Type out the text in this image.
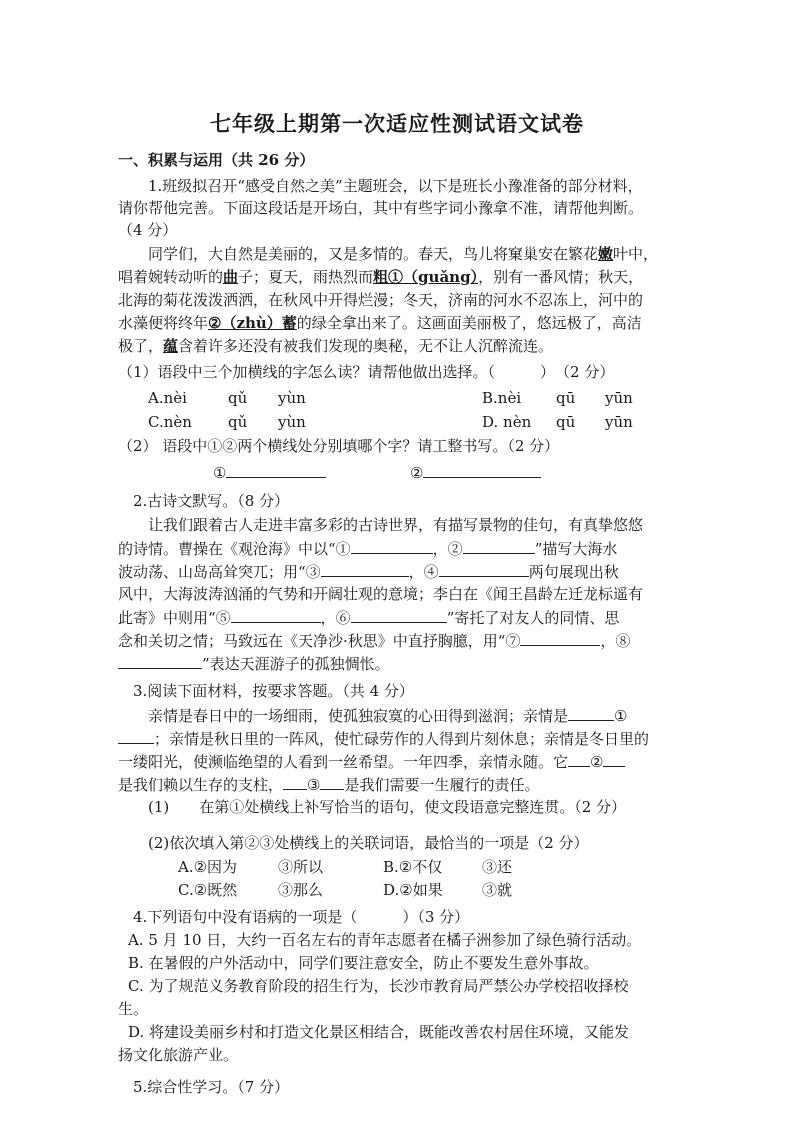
七年级上期第一次适应性测试语文试卷
一、积累与运用（共 26 分）
1.班级拟召开“感受自然之美”主题班会，以下是班长小豫准备的部分材料，
请你帮他完善。下面这段话是开场白，其中有些字词小豫拿不准，请帮他判断。
（4 分）
同学们，大自然是美丽的，又是多情的。春天，鸟儿将窠巢安在繁花嫩叶中，
唱着婉转动听的曲子；夏天，雨热烈而粗①（guǎng），别有一番风情；秋天，
北海的菊花泼泼洒洒，在秋风中开得烂漫；冬天，济南的河水不忍冻上，河中的
水藻便将终年②（zhù）蓄的绿全拿出来了。这画面美丽极了，悠远极了，高洁
极了，蕴含着许多还没有被我们发现的奥秘，无不让人沉醉流连。
（1）语段中三个加横线的字怎么读？请帮他做出选择。（　　　）　（2 分）
A.nèi	qǔ yùn	B.nèi qū yūn
C.nèn qǔ yùn	D. nèn qū yūn
（2） 语段中①②两个横线处分别填哪个字？请工整书写。（2 分）
①	②
2.古诗文默写。（8 分）
让我们跟着古人走进丰富多彩的古诗世界，有描写景物的佳句，有真挚悠悠
的诗情。曹操在《观沧海》中以“①	，②	”描写大海水
波动荡、山岛高耸突兀；用“③	，④	两句展现出秋
风中，大海波涛汹涌的气势和开阔壮观的意境；李白在《闻王昌龄左迁龙标遥有
此寄》中则用“⑤	，⑥	”寄托了对友人的同情、思
念和关切之情；马致远在《天净沙·秋思》中直抒胸臆，用“⑦	，⑧
”表达天涯游子的孤独惆怅。
3.阅读下面材料，按要求答题。（共 4 分）
亲情是春日中的一场细雨，使孤独寂寞的心田得到滋润；亲情是	①
；亲情是秋日里的一阵风，使忙碌劳作的人得到片刻休息；亲情是冬日里的
一缕阳光，使濒临绝望的人看到一丝希望。一年四季，亲情永随。它 ②
是我们赖以生存的支柱， ③ 是我们需要一生履行的责任。
(1)　　在第①处横线上补写恰当的语句，使文段语意完整连贯。（2 分）
(2)依次填入第②③处横线上的关联词语，最恰当的一项是（2 分）
A.②因为	③所以	B.②不仅	③还
C.②既然	③那么	D.②如果	③就
4.下列语句中没有语病的一项是（　　　）（3 分）
A. 5 月 10 日，大约一百名左右的青年志愿者在橘子洲参加了绿色骑行活动。
B. 在暑假的户外活动中，同学们要注意安全，防止不要发生意外事故。
C. 为了规范义务教育阶段的招生行为，长沙市教育局严禁公办学校招收择校
生。
D. 将建设美丽乡村和打造文化景区相结合，既能改善农村居住环境，又能发
扬文化旅游产业。
5.综合性学习。（7 分）
